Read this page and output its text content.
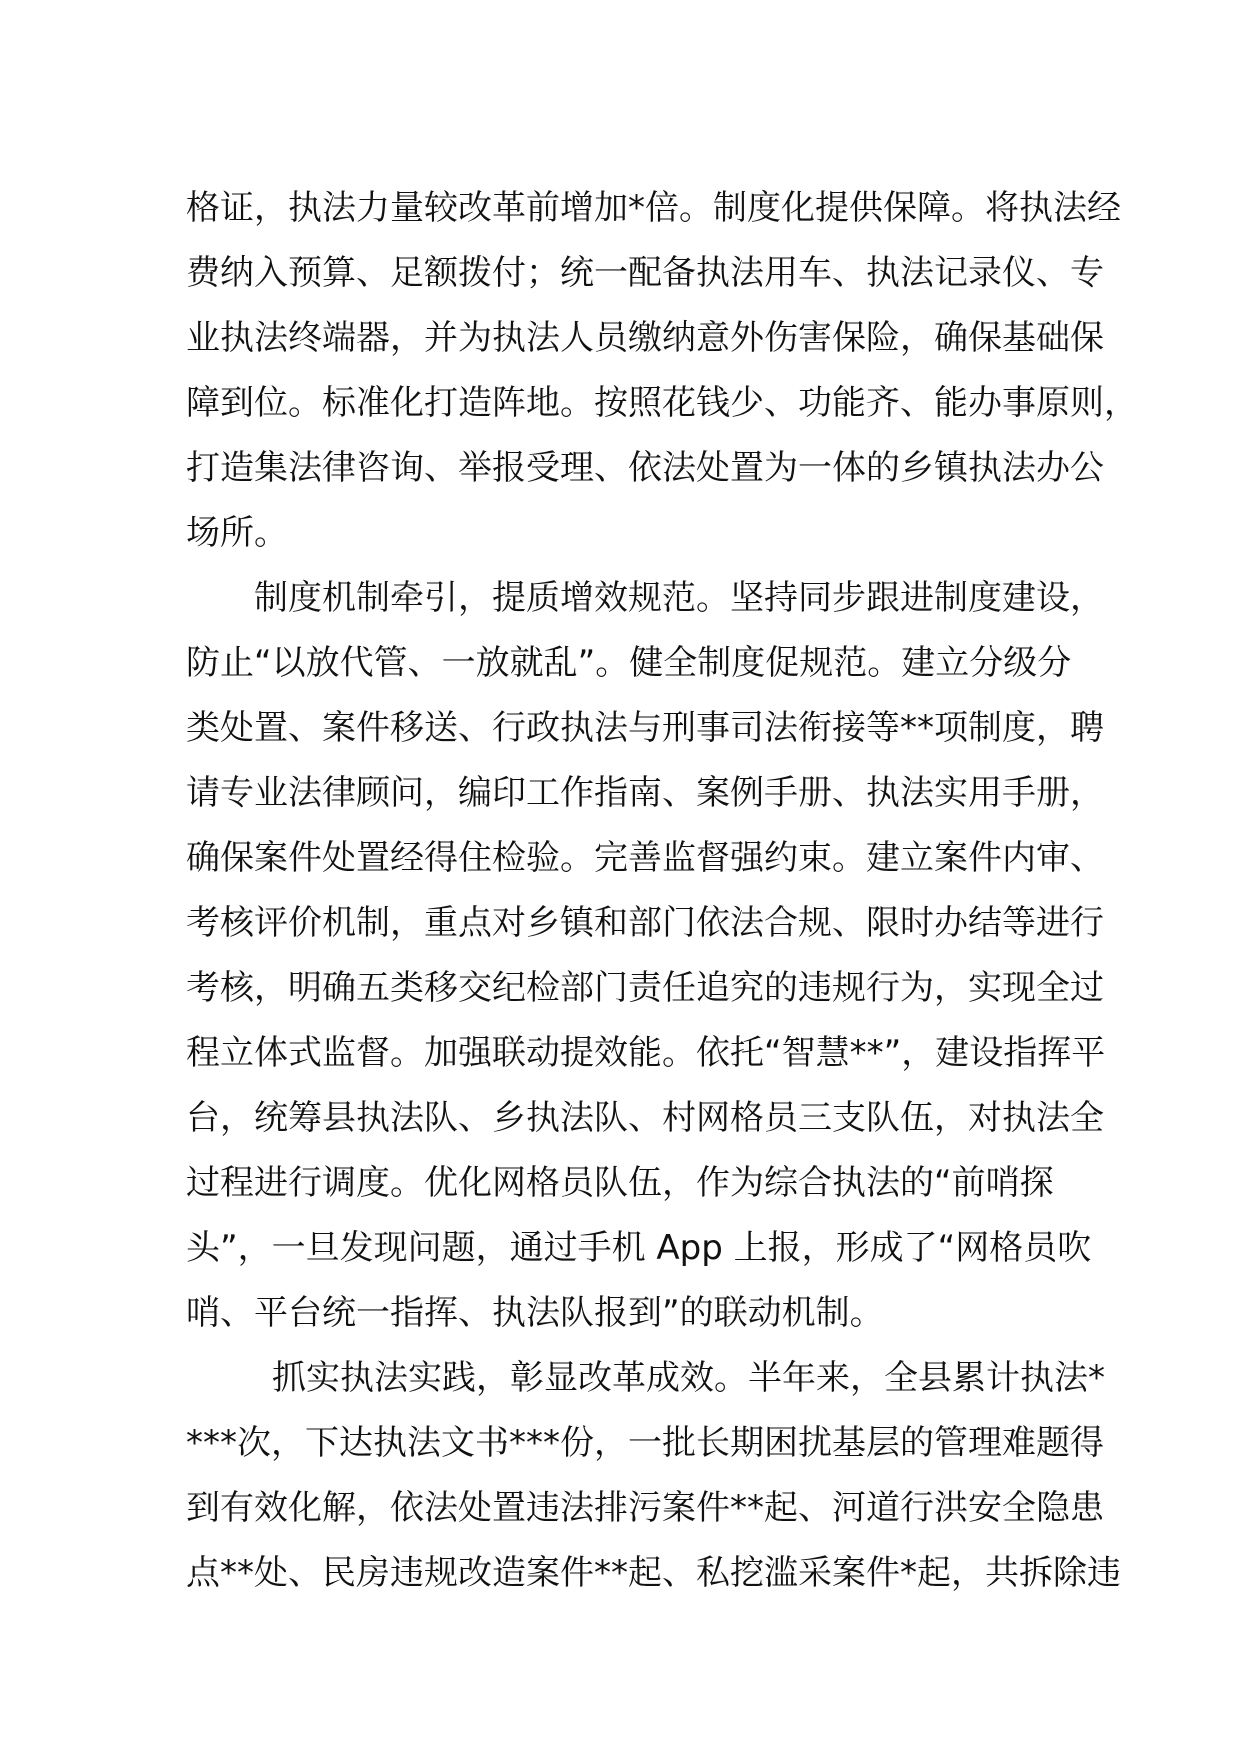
格证，执法力量较改革前增加*倍。制度化提供保障。将执法经
费纳入预算、足额拨付；统一配备执法用车、执法记录仪、专
业执法终端器，并为执法人员缴纳意外伤害保险，确保基础保
障到位。标准化打造阵地。按照花钱少、功能齐、能办事原则，
打造集法律咨询、举报受理、依法处置为一体的乡镇执法办公
场所。
制度机制牵引，提质增效规范。坚持同步跟进制度建设，
防止“以放代管、一放就乱”。健全制度促规范。建立分级分
类处置、案件移送、行政执法与刑事司法衔接等**项制度，聘
请专业法律顾问，编印工作指南、案例手册、执法实用手册，
确保案件处置经得住检验。完善监督强约束。建立案件内审、
考核评价机制，重点对乡镇和部门依法合规、限时办结等进行
考核，明确五类移交纪检部门责任追究的违规行为，实现全过
程立体式监督。加强联动提效能。依托“智慧**”，建设指挥平
台，统筹县执法队、乡执法队、村网格员三支队伍，对执法全
过程进行调度。优化网格员队伍，作为综合执法的“前哨探
头”，一旦发现问题，通过手机 App 上报，形成了“网格员吹
哨、平台统一指挥、执法队报到”的联动机制。
抓实执法实践，彰显改革成效。半年来，全县累计执法*
***次，下达执法文书***份，一批长期困扰基层的管理难题得
到有效化解，依法处置违法排污案件**起、河道行洪安全隐患
点**处、民房违规改造案件**起、私挖滥采案件*起，共拆除违
